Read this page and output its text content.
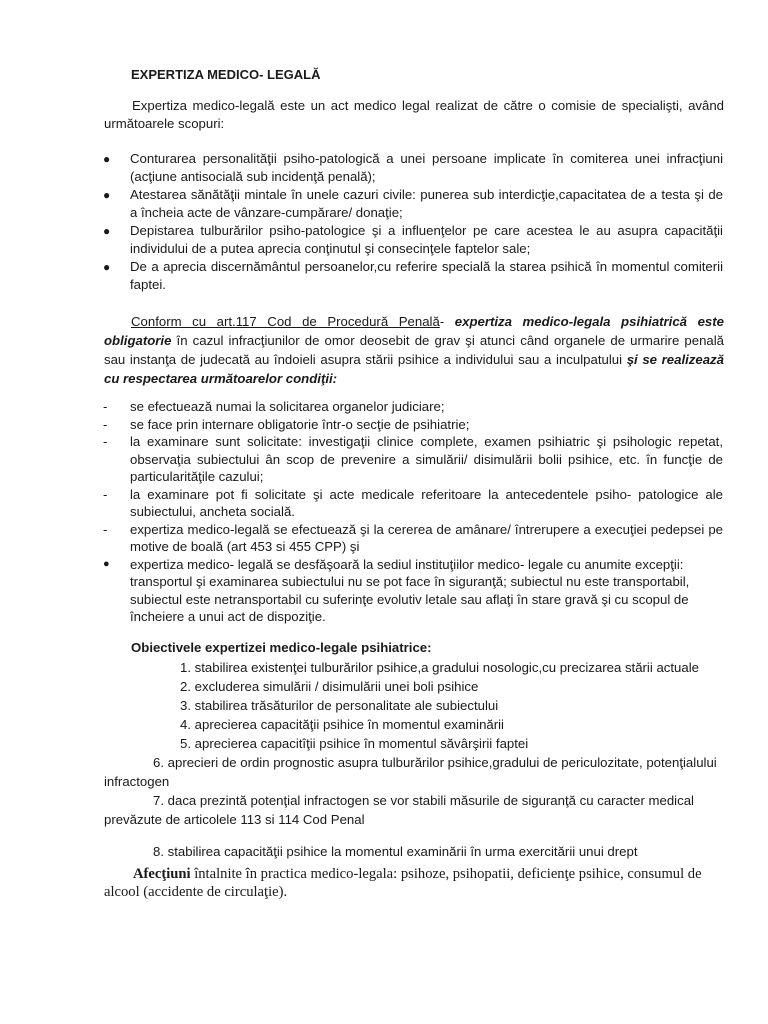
EXPERTIZA MEDICO- LEGALĂ
Expertiza medico-legală este un act medico legal realizat de către o comisie de specialişti, având următoarele scopuri:
● Conturarea personalităţii psiho-patologică a unei persoane implicate în comiterea unei infracţiuni (acţiune antisocială sub incidenţă penală);
● Atestarea sănătăţii mintale în unele cazuri civile: punerea sub interdicţie,capacitatea de a testa şi de a încheia acte de vânzare-cumpărare/ donaţie;
● Depistarea tulburărilor psiho-patologice şi a influenţelor pe care acestea le au asupra capacităţii individului de a putea aprecia conţinutul şi consecinţele faptelor sale;
● De a aprecia discernământul persoanelor,cu referire specială la starea psihică în momentul comiterii faptei.
Conform cu art.117 Cod de Procedură Penală- expertiza medico-legala psihiatrică este obligatorie în cazul infracţiunilor de omor deosebit de grav şi atunci când organele de urmarire penală sau instanţa de judecată au îndoieli asupra stării psihice a individului sau a inculpatului şi se realizează cu respectarea următoarelor condiţii:
- se efectuează numai la solicitarea organelor judiciare;
- se face prin internare obligatorie într-o secţie de psihiatrie;
- la examinare sunt solicitate: investigaţii clinice complete, examen psihiatric şi psihologic repetat, observaţia subiectului ân scop de prevenire a simulării/ disimulării bolii psihice, etc. în funcţie de particularităţile cazului;
- la examinare pot fi solicitate şi acte medicale referitoare la antecedentele psiho- patologice ale subiectului, ancheta socială.
- expertiza medico-legală se efectuează şi la cererea de amânare/ întrerupere a execuţiei pedepsei pe motive de boală (art 453 si 455 CPP) şi
● expertiza medico- legală se desfăşoară la sediul instituţiilor medico- legale cu anumite excepţii: transportul şi examinarea subiectului nu se pot face în siguranţă; subiectul nu este transportabil, subiectul este netransportabil cu suferinţe evolutiv letale sau aflaţi în stare gravă şi cu scopul de încheiere a unui act de dispoziţie.
Obiectivele expertizei medico-legale psihiatrice:
1. stabilirea existenţei tulburărilor psihice,a gradului nosologic,cu precizarea stării actuale
2. excluderea simulării / disimulării unei boli psihice
3. stabilirea trăsăturilor de personalitate ale subiectului
4. aprecierea capacităţii psihice în momentul examinării
5. aprecierea capacitîţii psihice în momentul săvârşirii faptei
6. aprecieri de ordin prognostic asupra tulburărilor psihice,gradului de periculozitate, potenţialului infractogen
7. daca prezintă potenţial infractogen se vor stabili măsurile de siguranţă cu caracter medical prevăzute de articolele 113 si 114 Cod Penal
8. stabilirea capacităţii psihice la momentul examinării în urma exercitării unui drept
Afecţiuni întalnite în practica medico-legala: psihoze, psihopatii, deficienţe psihice, consumul de alcool (accidente de circulaţie).
